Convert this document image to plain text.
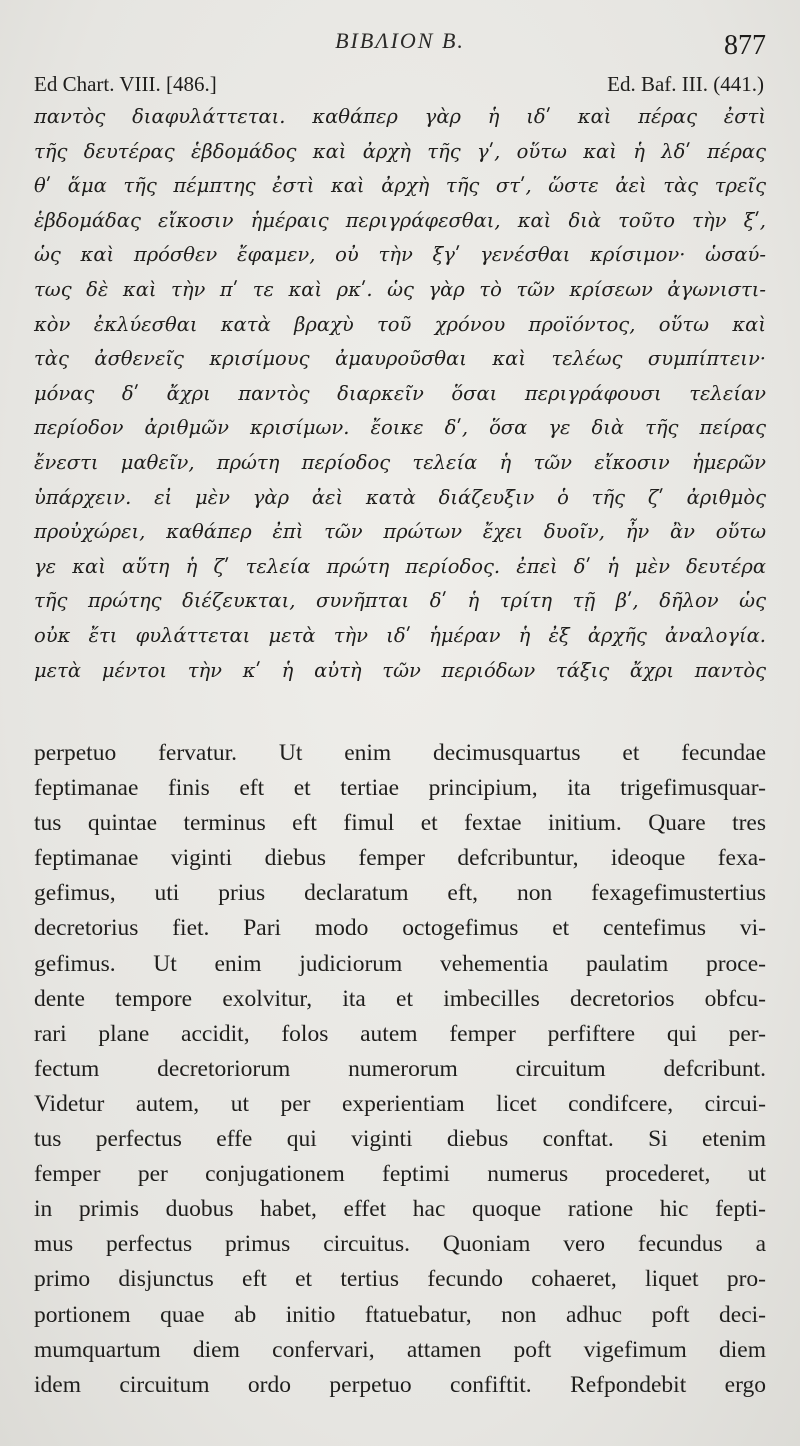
ΒΙΒΛΙΟΝ Β.	877
Ed Chart. VIII. [486.]	Ed. Baf. III. (441.)
παντὸς διαφυλάττεται. καθάπερ γὰρ ἡ ιδʹ καὶ πέρας ἐστὶ
τῆς δευτέρας ἑβδομάδος καὶ ἀρχὴ τῆς γʹ, οὕτω καὶ ἡ λδʹ πέρας
θʹ ἅμα τῆς πέμπτης ἐστὶ καὶ ἀρχὴ τῆς στʹ, ὥστε ἀεὶ τὰς τρεῖς
ἑβδομάδας εἴκοσιν ἡμέραις περιγράφεσθαι, καὶ διὰ τοῦτο τὴν ξʹ,
ὡς καὶ πρόσθεν ἔφαμεν, οὐ τὴν ξγʹ γενέσθαι κρίσιμον· ὡσαύ-
τως δὲ καὶ τὴν πʹ τε καὶ ρκʹ. ὡς γὰρ τὸ τῶν κρίσεων ἀγωνιστι-
κὸν ἐκλύεσθαι κατὰ βραχὺ τοῦ χρόνου προϊόντος, οὕτω καὶ
τὰς ἀσθενεῖς κρισίμους ἀμαυροῦσθαι καὶ τελέως συμπίπτειν·
μόνας δʹ ἄχρι παντὸς διαρκεῖν ὅσαι περιγράφουσι τελείαν
περίοδον ἀριθμῶν κρισίμων. ἔοικε δʹ, ὅσα γε διὰ τῆς πείρας
ἔνεστι μαθεῖν, πρώτη περίοδος τελεία ἡ τῶν εἴκοσιν ἡμερῶν
ὑπάρχειν. εἰ μὲν γὰρ ἀεὶ κατὰ διάζευξιν ὁ τῆς ζʹ ἀριθμὸς
προὐχώρει, καθάπερ ἐπὶ τῶν πρώτων ἔχει δυοῖν, ἦν ἂν οὕτω
γε καὶ αὕτη ἡ ζʹ τελεία πρώτη περίοδος. ἐπεὶ δʹ ἡ μὲν δευτέρα
τῆς πρώτης διέζευκται, συνῆπται δʹ ἡ τρίτη τῇ βʹ, δῆλον ὡς
οὐκ ἔτι φυλάττεται μετὰ τὴν ιδʹ ἡμέραν ἡ ἐξ ἀρχῆς ἀναλογία.
μετὰ μέντοι τὴν κʹ ἡ αὐτὴ τῶν περιόδων τάξις ἄχρι παντὸς
perpetuo fervatur. Ut enim decimusquartus et fecundae
feptimanae finis eft et tertiae principium, ita trigefimusquar-
tus quintae terminus eft fimul et fextae initium. Quare tres
feptimanae viginti diebus femper defcribuntur, ideoque fexa-
gefimus, uti prius declaratum eft, non fexagefimustertius
decretorius fiet. Pari modo octogefimus et centefimus vi-
gefimus. Ut enim judiciorum vehementia paulatim proce-
dente tempore exolvitur, ita et imbecilles decretorios obfcu-
rari plane accidit, folos autem femper perfiftere qui per-
fectum decretoriorum numerorum circuitum defcribunt.
Videtur autem, ut per experientiam licet condifcere, circui-
tus perfectus effe qui viginti diebus conftat. Si etenim
femper per conjugationem feptimi numerus procederet, ut
in primis duobus habet, effet hac quoque ratione hic fepti-
mus perfectus primus circuitus. Quoniam vero fecundus a
primo disjunctus eft et tertius fecundo cohaeret, liquet pro-
portionem quae ab initio ftatuebatur, non adhuc poft deci-
mumquartum diem confervari, attamen poft vigefimum diem
idem circuitum ordo perpetuo confiftit. Refpondebit ergo
